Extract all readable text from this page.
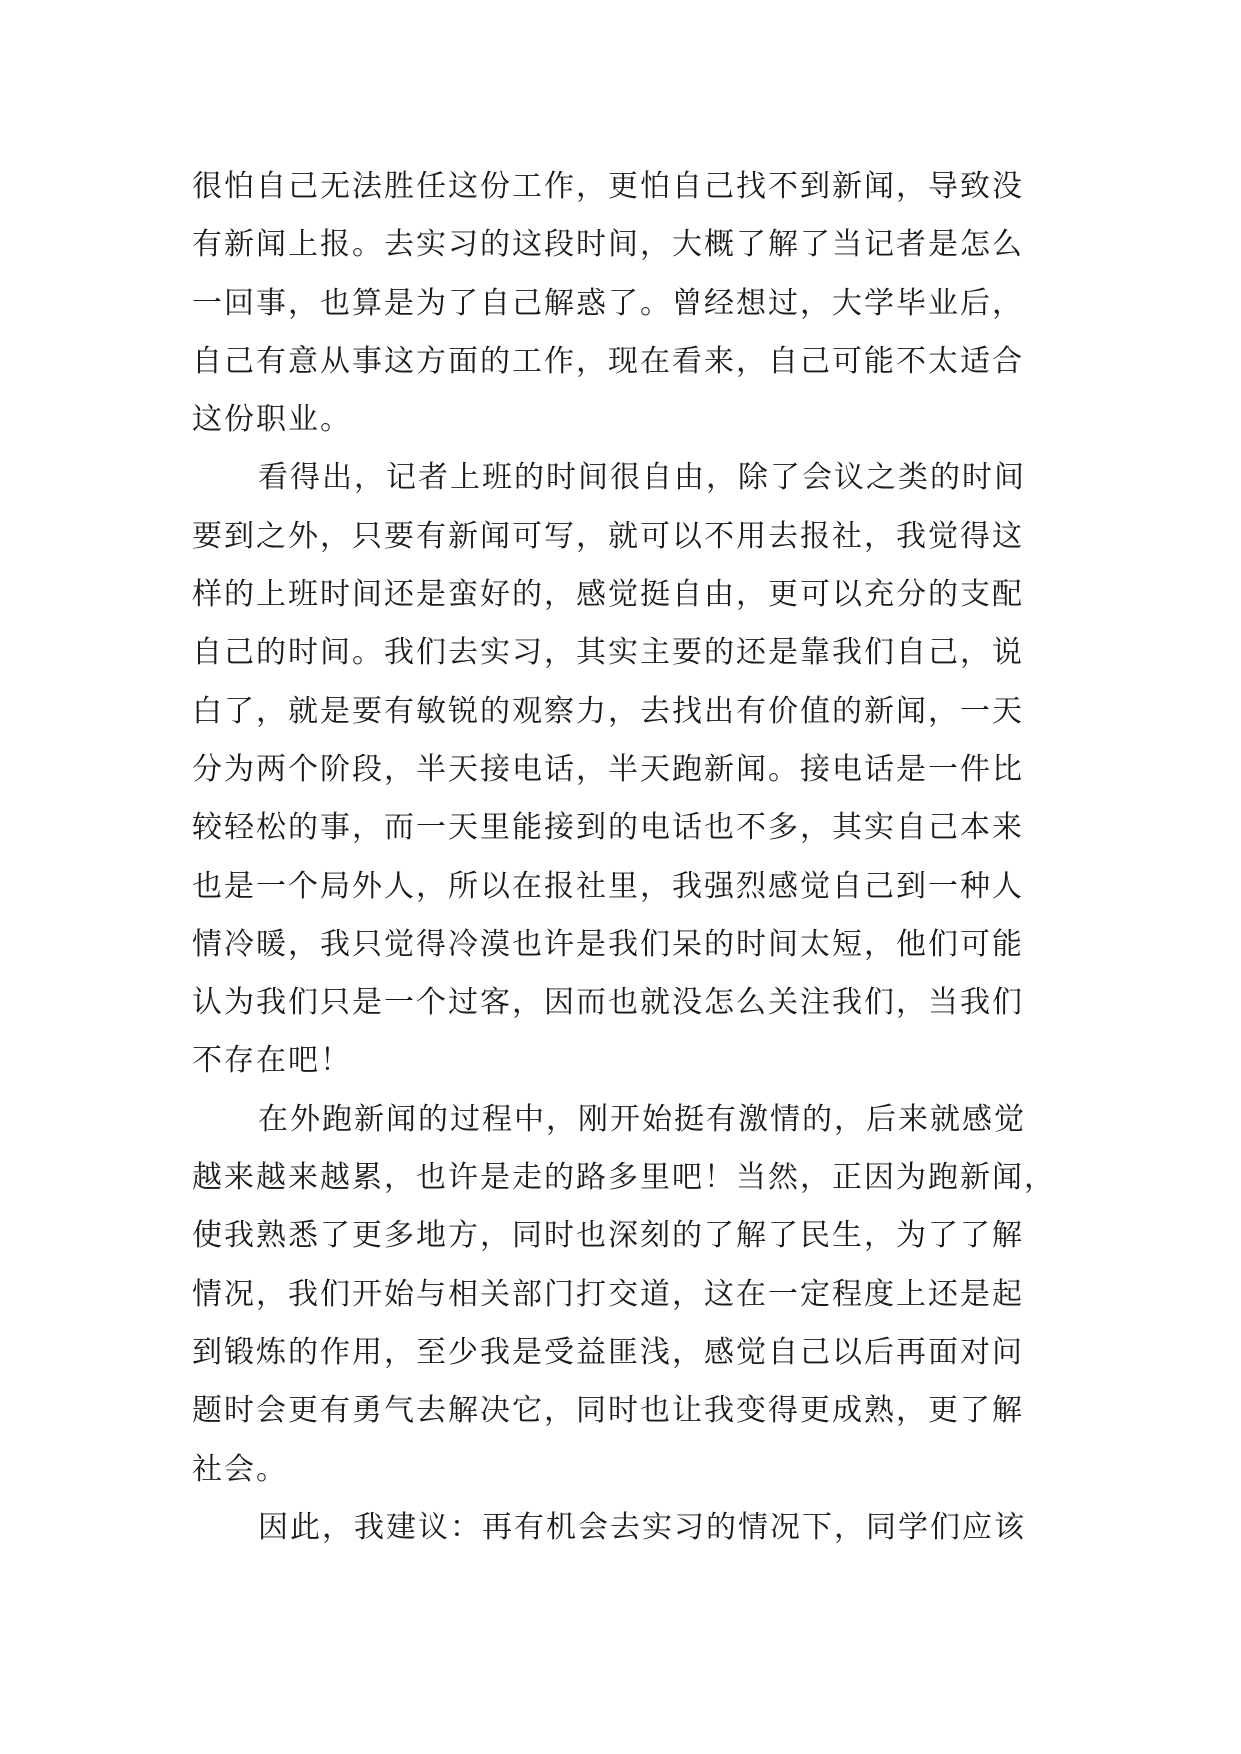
很怕自己无法胜任这份工作，更怕自己找不到新闻，导致没
有新闻上报。去实习的这段时间，大概了解了当记者是怎么
一回事，也算是为了自己解惑了。曾经想过，大学毕业后，
自己有意从事这方面的工作，现在看来，自己可能不太适合
这份职业。
看得出，记者上班的时间很自由，除了会议之类的时间
要到之外，只要有新闻可写，就可以不用去报社，我觉得这
样的上班时间还是蛮好的，感觉挺自由，更可以充分的支配
自己的时间。我们去实习，其实主要的还是靠我们自己，说
白了，就是要有敏锐的观察力，去找出有价值的新闻，一天
分为两个阶段，半天接电话，半天跑新闻。接电话是一件比
较轻松的事，而一天里能接到的电话也不多，其实自己本来
也是一个局外人，所以在报社里，我强烈感觉自己到一种人
情冷暖，我只觉得冷漠也许是我们呆的时间太短，他们可能
认为我们只是一个过客，因而也就没怎么关注我们，当我们
不存在吧！
在外跑新闻的过程中，刚开始挺有激情的，后来就感觉
越来越来越累，也许是走的路多里吧！当然，正因为跑新闻，
使我熟悉了更多地方，同时也深刻的了解了民生，为了了解
情况，我们开始与相关部门打交道，这在一定程度上还是起
到锻炼的作用，至少我是受益匪浅，感觉自己以后再面对问
题时会更有勇气去解决它，同时也让我变得更成熟，更了解
社会。
因此，我建议：再有机会去实习的情况下，同学们应该
